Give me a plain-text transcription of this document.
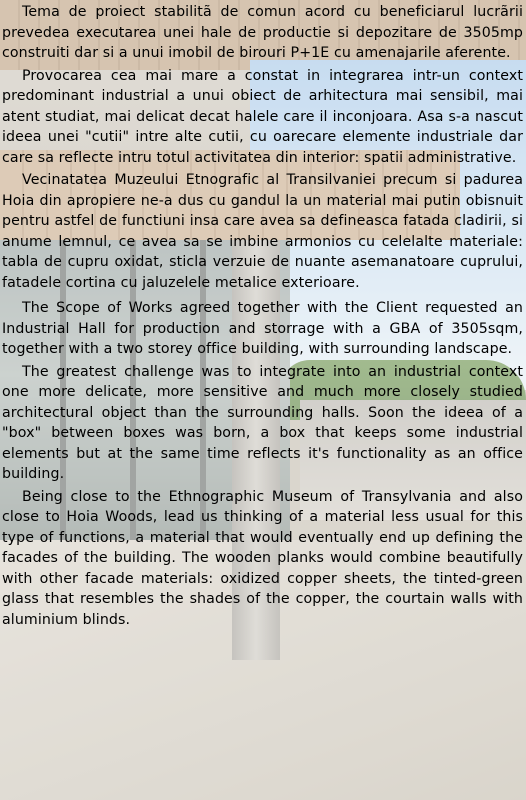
Tema de proiect stabilitã de comun acord cu beneficiarul lucrãrii prevedea executarea unei hale de productie si depozitare de 3505mp construiti dar si a unui imobil de birouri P+1E cu amenajarile aferente.

Provocarea cea mai mare a constat in integrarea intr-un context predominant industrial a unui obiect de arhitectura mai sensibil, mai atent studiat, mai delicat decat halele care il inconjoara. Asa s-a nascut ideea unei "cutii" intre alte cutii, cu oarecare elemente industriale dar care sa reflecte intru totul activitatea din interior: spatii administrative.

Vecinatatea Muzeului Etnografic al Transilvaniei precum si padurea Hoia din apropiere ne-a dus cu gandul la un material mai putin obisnuit pentru astfel de functiuni insa care avea sa defineasca fatada cladirii, si anume lemnul, ce avea sa se imbine armonios cu celelalte materiale: tabla de cupru oxidat, sticla verzuie de nuante asemanatoare cuprului, fatadele cortina cu jaluzelele metalice exterioare.

The Scope of Works agreed together with the Client requested an Industrial Hall for production and storrage with a GBA of 3505sqm, together with a two storey office building, with surrounding landscape.

The greatest challenge was to integrate into an industrial context one more delicate, more sensitive and much more closely studied architectural object than the surrounding halls. Soon the ideea of a "box" between boxes was born, a box that keeps some industrial elements but at the same time reflects it's functionality as an office building.

Being close to the Ethnographic Museum of Transylvania and also close to Hoia Woods, lead us thinking of a material less usual for this type of functions, a material that would eventually end up defining the facades of the building. The wooden planks would combine beautifully with other facade materials: oxidized copper sheets, the tinted-green glass that resembles the shades of the copper, the courtain walls with aluminium blinds.
